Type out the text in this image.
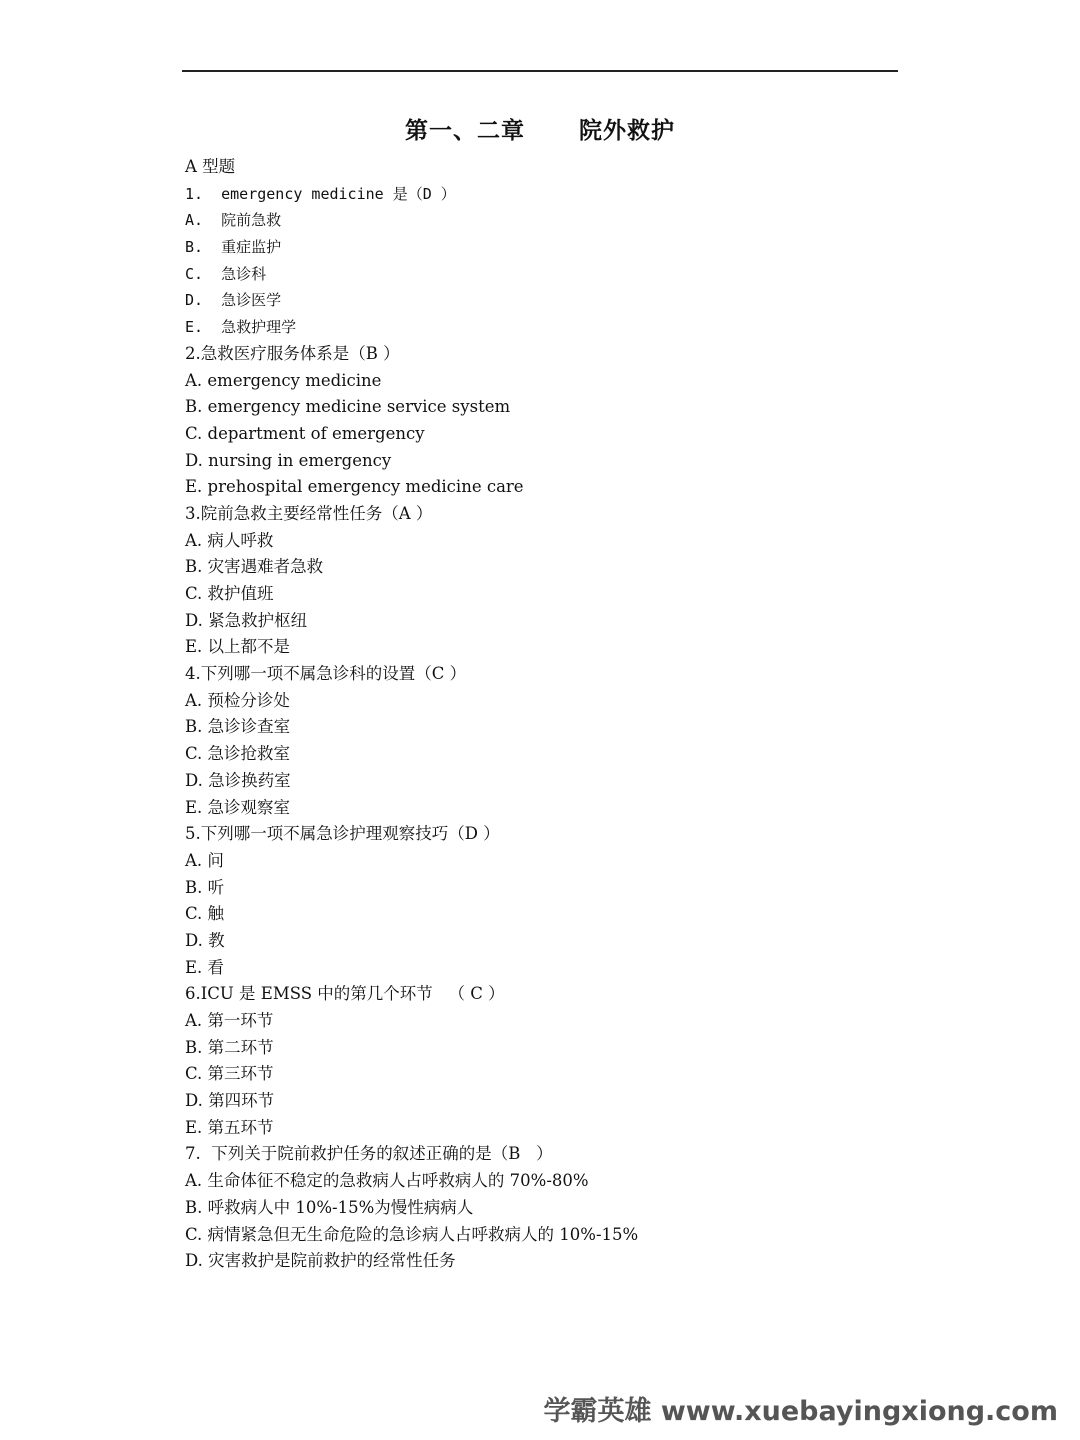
第一、二章      院外救护
A 型题
1.  emergency medicine 是（D ）
A.  院前急救
B.  重症监护
C.  急诊科
D.  急诊医学
E.  急救护理学
2.急救医疗服务体系是（B ）
A. emergency medicine
B. emergency medicine service system
C. department of emergency
D. nursing in emergency
E. prehospital emergency medicine care
3.院前急救主要经常性任务（A ）
A. 病人呼救
B. 灾害遇难者急救
C. 救护值班
D. 紧急救护枢纽
E. 以上都不是
4.下列哪一项不属急诊科的设置（C ）
A. 预检分诊处
B. 急诊诊查室
C. 急诊抢救室
D. 急诊换药室
E. 急诊观察室
5.下列哪一项不属急诊护理观察技巧（D ）
A. 问
B. 听
C. 触
D. 教
E. 看
6.ICU 是 EMSS 中的第几个环节   （ C ）
A. 第一环节
B. 第二环节
C. 第三环节
D. 第四环节
E. 第五环节
7.  下列关于院前救护任务的叙述正确的是（B   ）
A. 生命体征不稳定的急救病人占呼救病人的 70%-80%
B. 呼救病人中 10%-15%为慢性病病人
C. 病情紧急但无生命危险的急诊病人占呼救病人的 10%-15%
D. 灾害救护是院前救护的经常性任务
学霸英雄 www.xuebayingxiong.com
